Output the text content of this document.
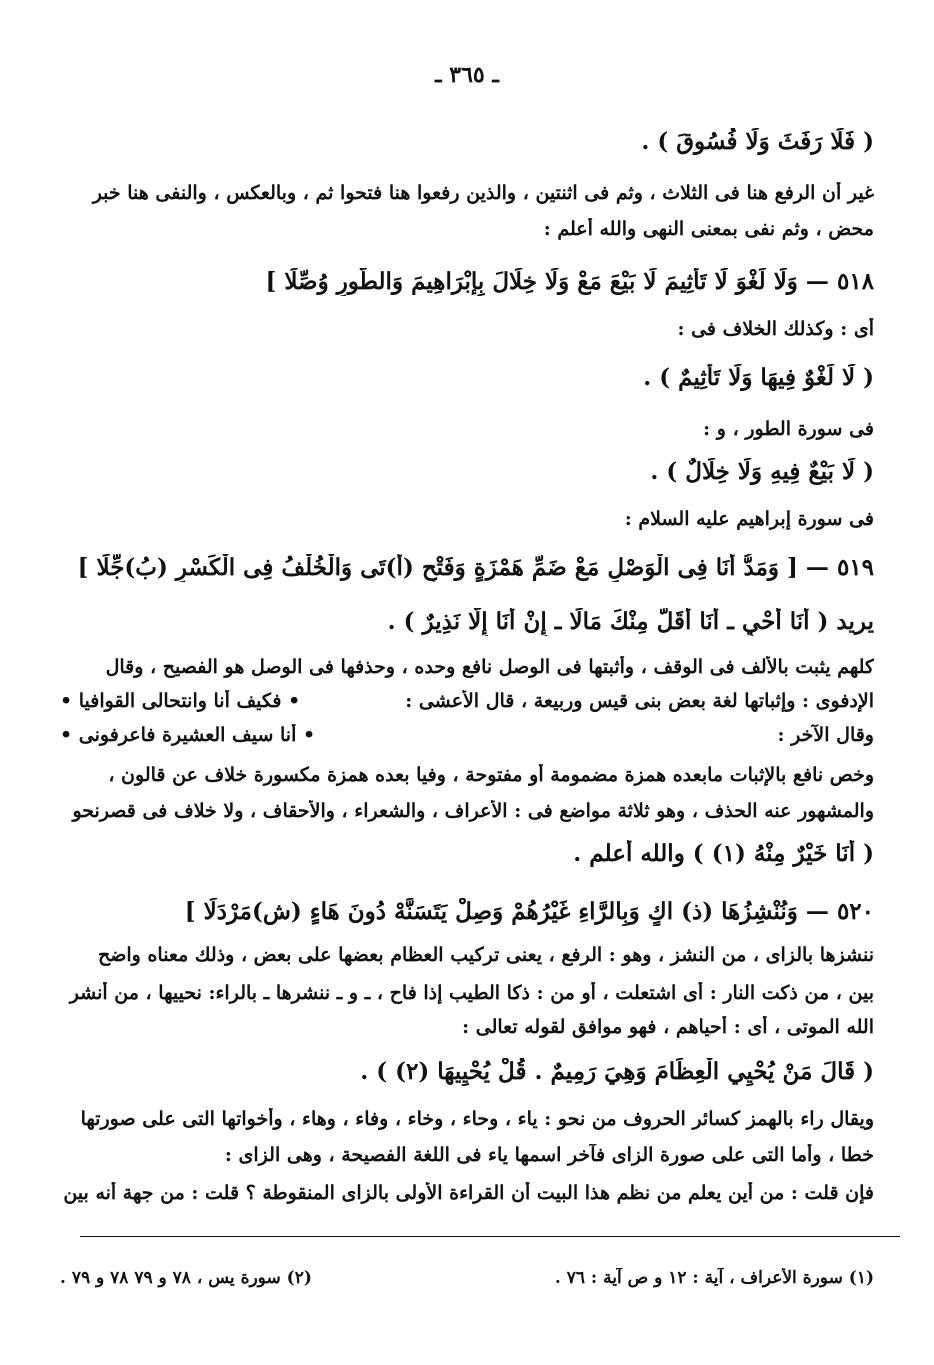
ـ ٣٦٥ ـ
( فَلَا رَفَثَ وَلَا فُسُوقَ ) .
غير أن الرفع هنا فى الثلاث ، وثم فى اثنتين ، والذين رفعوا هنا فتحوا ثم ، وبالعكس ، والنفى هنا خبر
محض ، وثم نفى بمعنى النهى والله أعلم :
٥١٨ — وَلَا لَغْوَ لَا تَأْثِيمَ لَا بَيْعَ مَعْ وَلَا خِلَالَ بِإِبْرَاهِيمَ وَالطُّورِ وُصِّلَا ]
أى : وكذلك الخلاف فى :
( لَا لَغْوٌ فِيهَا وَلَا تَأْثِيمٌ ) .
فى سورة الطور ، و :
( لَا بَيْعٌ فِيهِ وَلَا خِلَالٌ ) .
فى سورة إبراهيم عليه السلام :
٥١٩ — [ وَمَدُّ أَنَا فِى الْوَصْلِ مَعْ ضَمِّ هَمْزَةٍ وَفَتْحٍ (أ)تَى وَالْخُلْفُ فِى الْكَسْرِ (بُ)جِّلَا ]
يريد ( أَنَا أُحْيِ ـ أَنَا أَقَلَّ مِنْكَ مَالًا ـ إِنْ أَنَا إِلَّا نَذِيرٌ ) .
كلهم يثبت بالألف فى الوقف ، وأثبتها فى الوصل نافع وحده ، وحذفها فى الوصل هو الفصيح ، وقال
الإدفوى : وإثباتها لغة بعض بنى قيس وربيعة ، قال الأعشى :
• فكيف أنا وانتحالى القوافيا •
وقال الآخر :
• أنا سيف العشيرة فاعرفونى •
وخص نافع بالإثبات مابعده همزة مضمومة أو مفتوحة ، وفيا بعده همزة مكسورة خلاف عن قالون ،
والمشهور عنه الحذف ، وهو ثلاثة مواضع فى : الأعراف ، والشعراء ، والأحقاف ، ولا خلاف فى قصرنحو
( أَنَا خَيْرٌ مِنْهُ (١) ) والله أعلم .
٥٢٠ — وَنُنْشِزُهَا (ذ) اكٍ وَبِالرَّاءِ غَيْرُهُمْ وَصِلْ يَتَسَنَّهْ دُونَ هَاءٍ (ش)مَرْدَلَا ]
ننشزها بالزاى ، من النشز ، وهو : الرفع ، يعنى تركيب العظام بعضها على بعض ، وذلك معناه واضح
بين ، من ذكت النار : أى اشتعلت ، أو من : ذكا الطيب إذا فاح ، ـ و ـ ننشرها ـ بالراء: نحييها ، من أنشر
الله الموتى ، أى : أحياهم ، فهو موافق لقوله تعالى :
( قَالَ مَنْ يُحْيِي الْعِظَامَ وَهِيَ رَمِيمٌ . قُلْ يُحْيِيهَا (٢) ) .
ويقال راء بالهمز كسائر الحروف من نحو : ياء ، وحاء ، وخاء ، وفاء ، وهاء ، وأخواتها التى على صورتها
خطا ، وأما التى على صورة الزاى فآخر اسمها ياء فى اللغة الفصيحة ، وهى الزاى :
فإن قلت : من أين يعلم من نظم هذا البيت أن القراءة الأولى بالزاى المنقوطة ؟ قلت : من جهة أنه بين
(١) سورة الأعراف ، آية : ١٢ و ص آية : ٧٦ .
(٢) سورة يس ، ٧٨ و ٧٩ ٧٨ و ٧٩ .
